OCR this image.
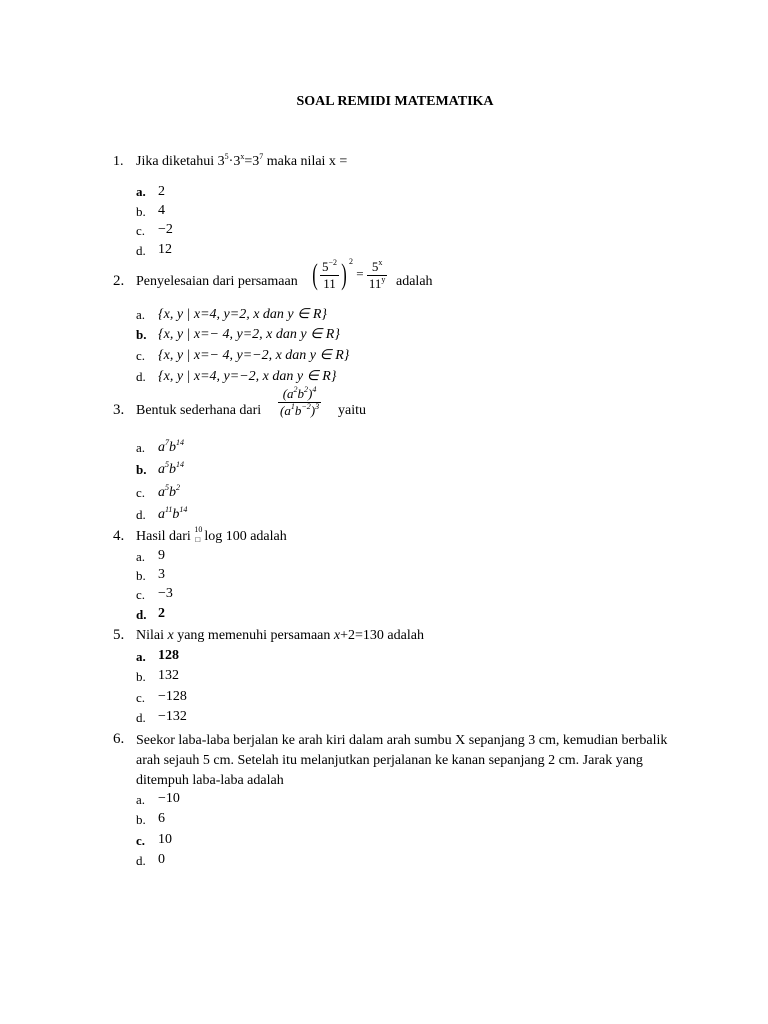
SOAL REMIDI MATEMATIKA
1. Jika diketahui $3^5\cdot 3^x=3^7$ maka nilai x =
a. 2
b. 4
c. −2
d. 12
2. Penyelesaian dari persamaan ( $\frac{5^{-2}}{11}$ ) $^2 = \frac{5^x}{11^y}$ adalah
a. {x, y | x=4, y=2, x dan y ∈ R}
b. {x, y | x=− 4, y=2, x dan y ∈ R}
c. {x, y | x=− 4, y=−2, x dan y ∈ R}
d. {x, y | x=4, y=−2, x dan y ∈ R}
3. Bentuk sederhana dari $\frac{(a^2b^2)^4}{(a^1b^{-2})^3}$ yaitu
a. $a^7b^{14}$
b. $a^5b^{14}$
c. $a^5b^2$
d. $a^{11}b^{14}$
4. Hasil dari 10
□ log 100 adalah
a. 9
b. 3
c. −3
d. 2
5. Nilai x yang memenuhi persamaan x+2=130 adalah
a. 128
b. 132
c. −128
d. −132
6. Seekor laba-laba berjalan ke arah kiri dalam arah sumbu X sepanjang 3 cm, kemudian berbalik arah sejauh 5 cm. Setelah itu melanjutkan perjalanan ke kanan sepanjang 2 cm. Jarak yang ditempuh laba-laba adalah
a. −10
b. 6
c. 10
d. 0
